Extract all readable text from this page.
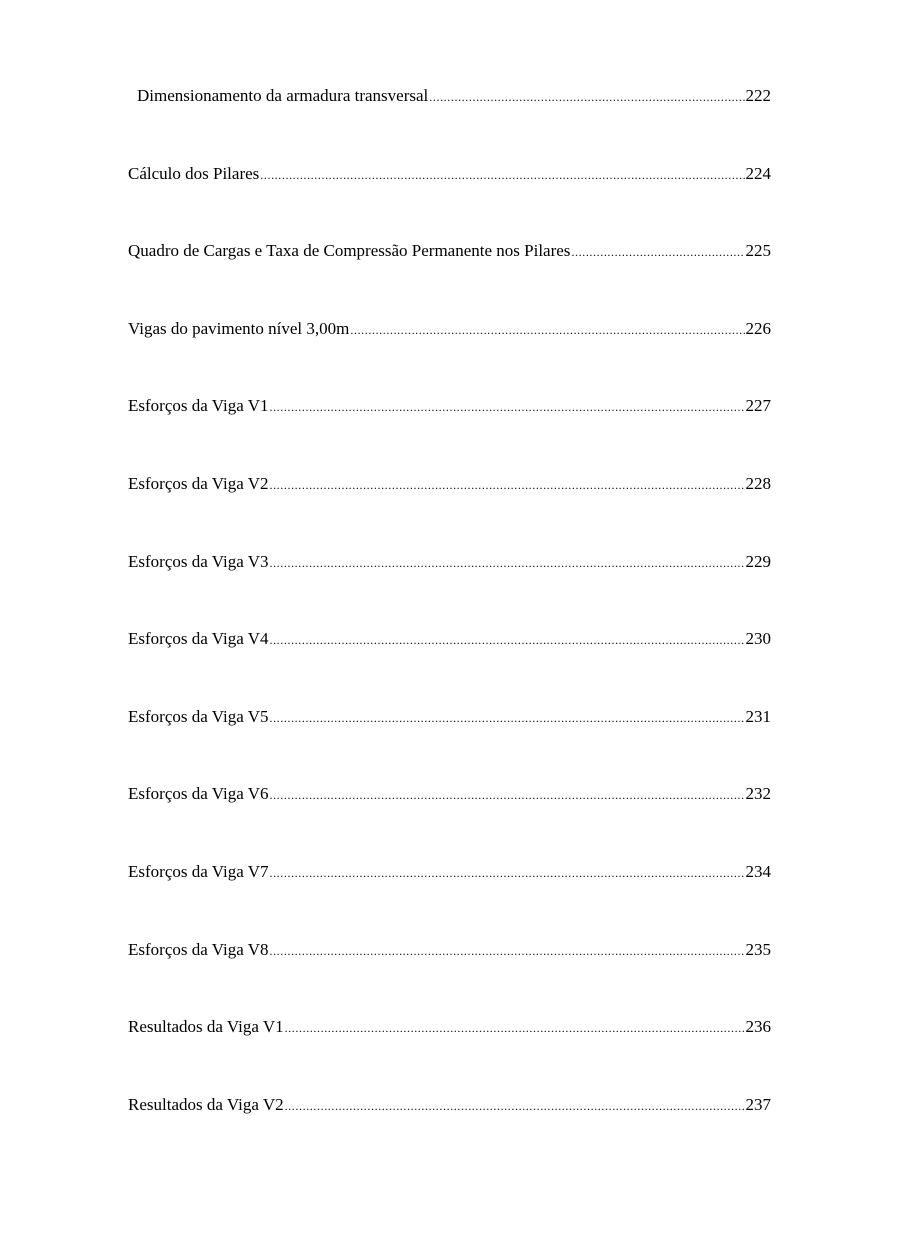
Dimensionamento da armadura transversal .....	222
Cálculo dos Pilares .....	224
Quadro de Cargas e Taxa de Compressão Permanente nos Pilares .....	225
Vigas do pavimento nível 3,00m .....	226
Esforços da Viga V1 .....	227
Esforços da Viga V2 .....	228
Esforços da Viga V3 .....	229
Esforços da Viga V4 .....	230
Esforços da Viga V5 .....	231
Esforços da Viga V6 .....	232
Esforços da Viga V7 .....	234
Esforços da Viga V8 .....	235
Resultados da Viga V1 .....	236
Resultados da Viga V2 .....	237
